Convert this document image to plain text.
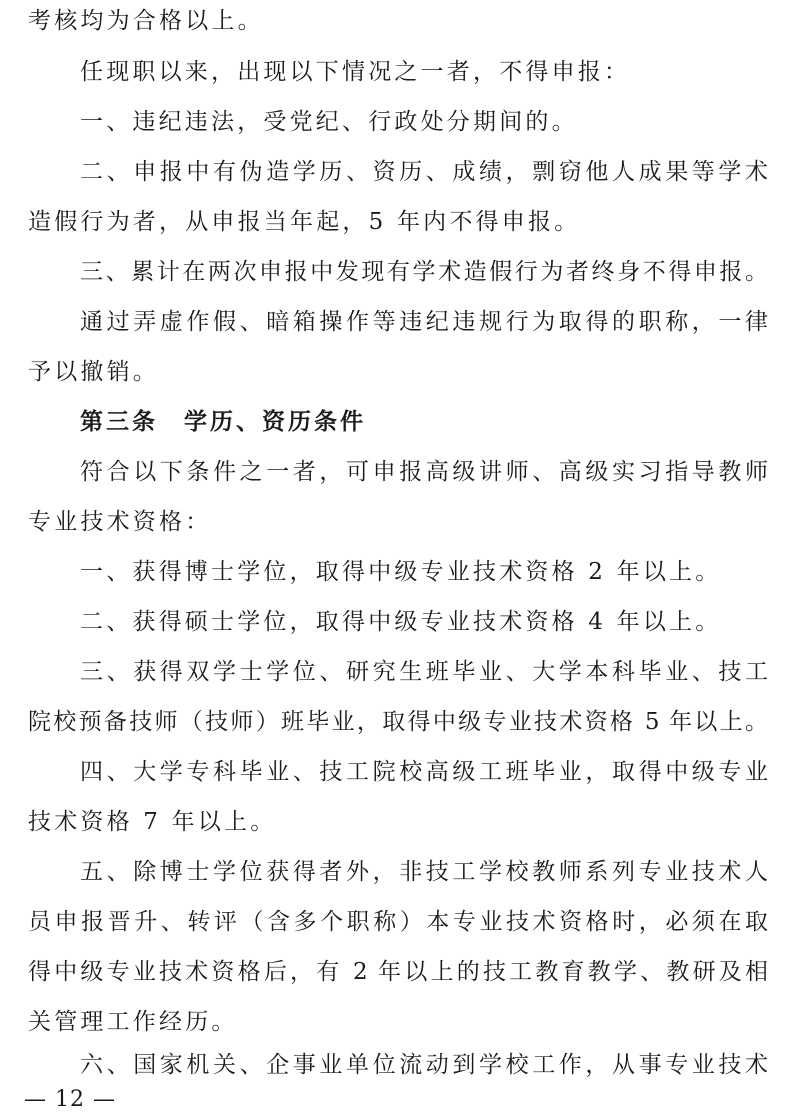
考核均为合格以上。
任现职以来，出现以下情况之一者，不得申报：
一、违纪违法，受党纪、行政处分期间的。
二、申报中有伪造学历、资历、成绩，剽窃他人成果等学术
造假行为者，从申报当年起，5 年内不得申报。
三、累计在两次申报中发现有学术造假行为者终身不得申报。
通过弄虚作假、暗箱操作等违纪违规行为取得的职称，一律
予以撤销。
第三条　学历、资历条件
符合以下条件之一者，可申报高级讲师、高级实习指导教师
专业技术资格：
一、获得博士学位，取得中级专业技术资格 2 年以上。
二、获得硕士学位，取得中级专业技术资格 4 年以上。
三、获得双学士学位、研究生班毕业、大学本科毕业、技工
院校预备技师（技师）班毕业，取得中级专业技术资格 5 年以上。
四、大学专科毕业、技工院校高级工班毕业，取得中级专业
技术资格 7 年以上。
五、除博士学位获得者外，非技工学校教师系列专业技术人
员申报晋升、转评（含多个职称）本专业技术资格时，必须在取
得中级专业技术资格后，有 2 年以上的技工教育教学、教研及相
关管理工作经历。
六、国家机关、企事业单位流动到学校工作，从事专业技术
— 12 —
